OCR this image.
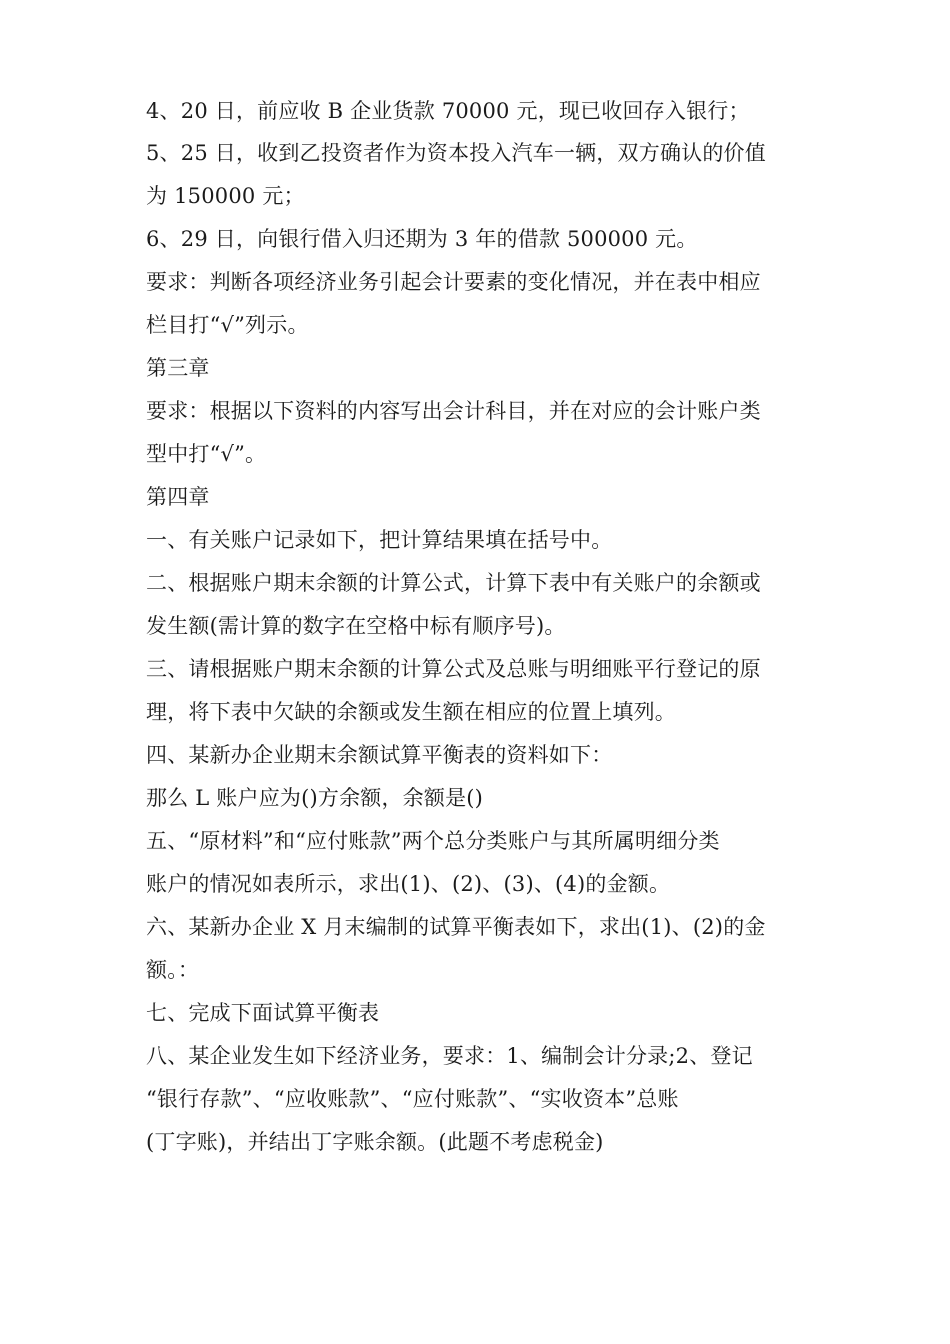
4、20 日，前应收 B 企业货款 70000 元，现已收回存入银行；
5、25 日，收到乙投资者作为资本投入汽车一辆，双方确认的价值
为 150000 元；
6、29 日，向银行借入归还期为 3 年的借款 500000 元。
要求：判断各项经济业务引起会计要素的变化情况，并在表中相应
栏目打“√”列示。
第三章
要求：根据以下资料的内容写出会计科目，并在对应的会计账户类
型中打“√”。
第四章
一、有关账户记录如下，把计算结果填在括号中。
二、根据账户期末余额的计算公式，计算下表中有关账户的余额或
发生额(需计算的数字在空格中标有顺序号)。
三、请根据账户期末余额的计算公式及总账与明细账平行登记的原
理，将下表中欠缺的余额或发生额在相应的位置上填列。
四、某新办企业期末余额试算平衡表的资料如下：
那么 L 账户应为()方余额，余额是()
五、“原材料”和“应付账款”两个总分类账户与其所属明细分类
账户的情况如表所示，求出(1)、(2)、(3)、(4)的金额。
六、某新办企业 X 月末编制的试算平衡表如下，求出(1)、(2)的金
额。：
七、完成下面试算平衡表
八、某企业发生如下经济业务，要求：1、编制会计分录;2、登记
“银行存款”、“应收账款”、“应付账款”、“实收资本”总账
(丁字账)，并结出丁字账余额。(此题不考虑税金)
